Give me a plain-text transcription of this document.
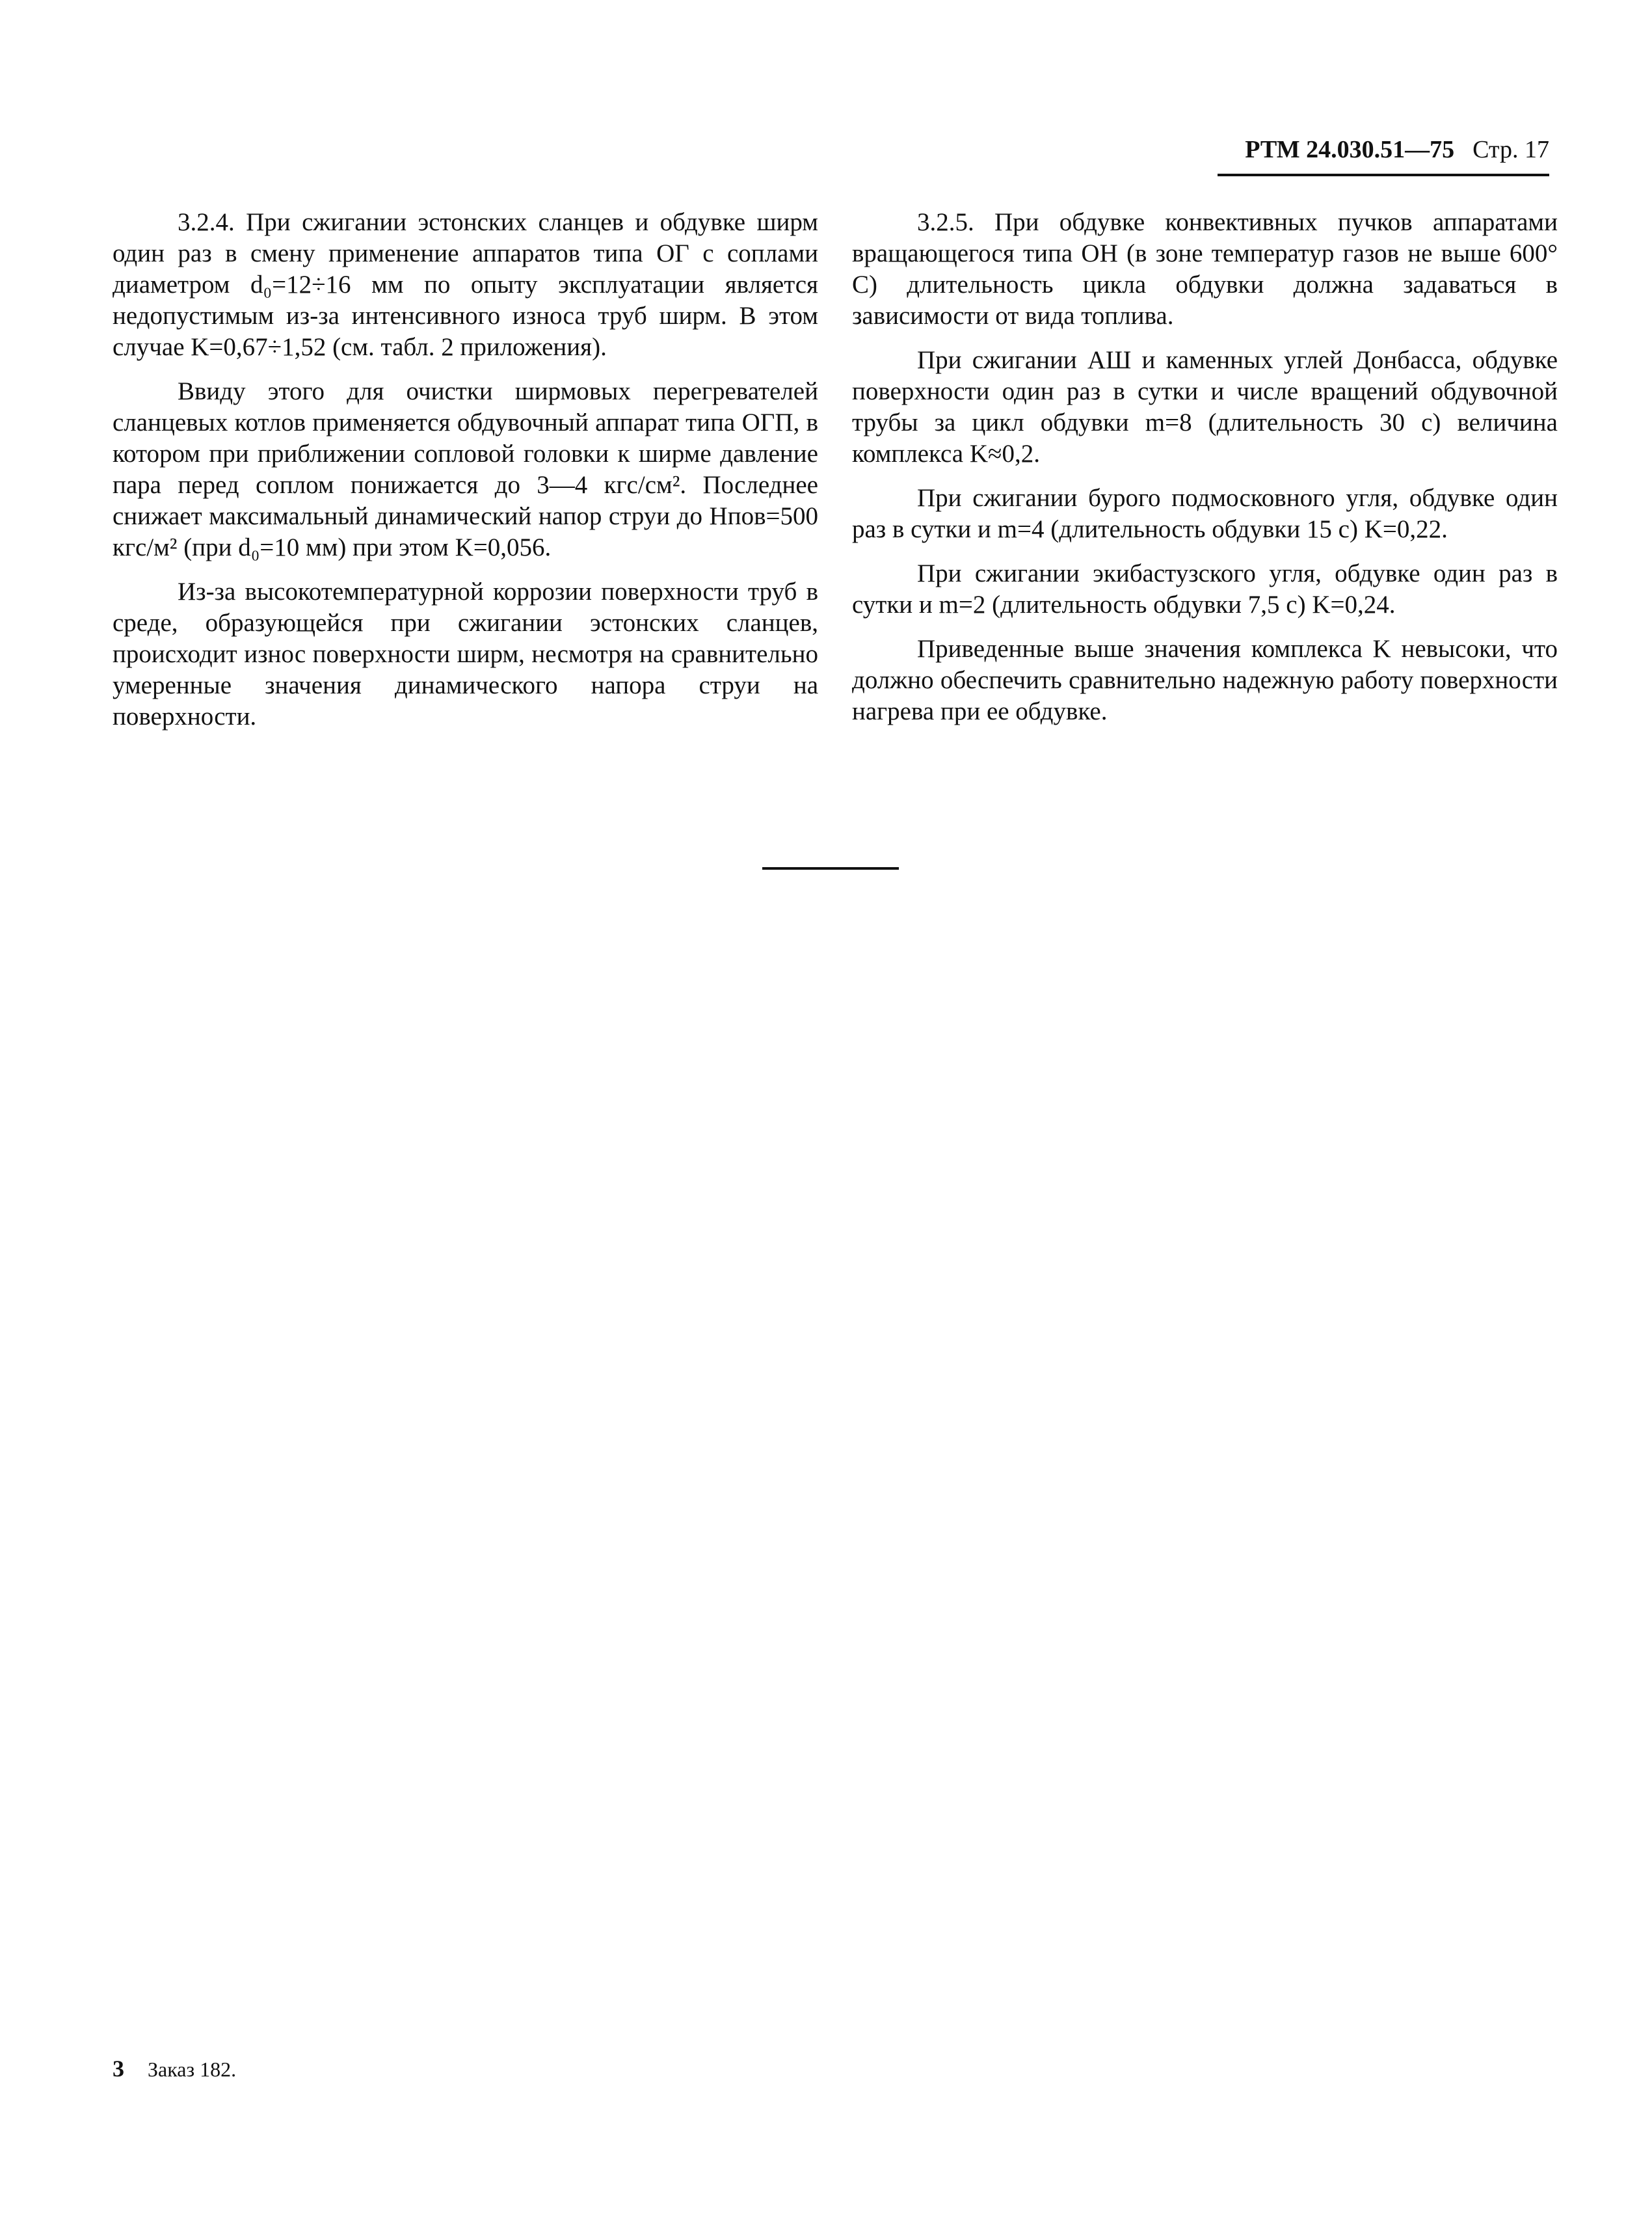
РТМ 24.030.51—75 Стр. 17

3.2.4. При сжигании эстонских сланцев и обдувке ширм один раз в смену применение аппаратов типа ОГ с соплами диаметром d₀=12÷16 мм по опыту эксплуатации является недопустимым из-за интенсивного износа труб ширм. В этом случае K=0,67÷1,52 (см. табл. 2 приложения).

Ввиду этого для очистки ширмовых перегревателей сланцевых котлов применяется обдувочный аппарат типа ОГП, в котором при приближении сопловой головки к ширме давление пара перед соплом понижается до 3—4 кгс/см². Последнее снижает максимальный динамический напор струи до Hпов=500 кгс/м² (при d₀=10 мм) при этом K=0,056.

Из-за высокотемпературной коррозии поверхности труб в среде, образующейся при сжигании эстонских сланцев, происходит износ поверхности ширм, несмотря на сравнительно умеренные значения динамического напора струи на поверхности.

3.2.5. При обдувке конвективных пучков аппаратами вращающегося типа ОН (в зоне температур газов не выше 600° С) длительность цикла обдувки должна задаваться в зависимости от вида топлива.

При сжигании АШ и каменных углей Донбасса, обдувке поверхности один раз в сутки и числе вращений обдувочной трубы за цикл обдувки m=8 (длительность 30 с) величина комплекса K≈0,2.

При сжигании бурого подмосковного угля, обдувке один раз в сутки и m=4 (длительность обдувки 15 с) K=0,22.

При сжигании экибастузского угля, обдувке один раз в сутки и m=2 (длительность обдувки 7,5 с) K=0,24.

Приведенные выше значения комплекса K невысоки, что должно обеспечить сравнительно надежную работу поверхности нагрева при ее обдувке.

3 Заказ 182.
